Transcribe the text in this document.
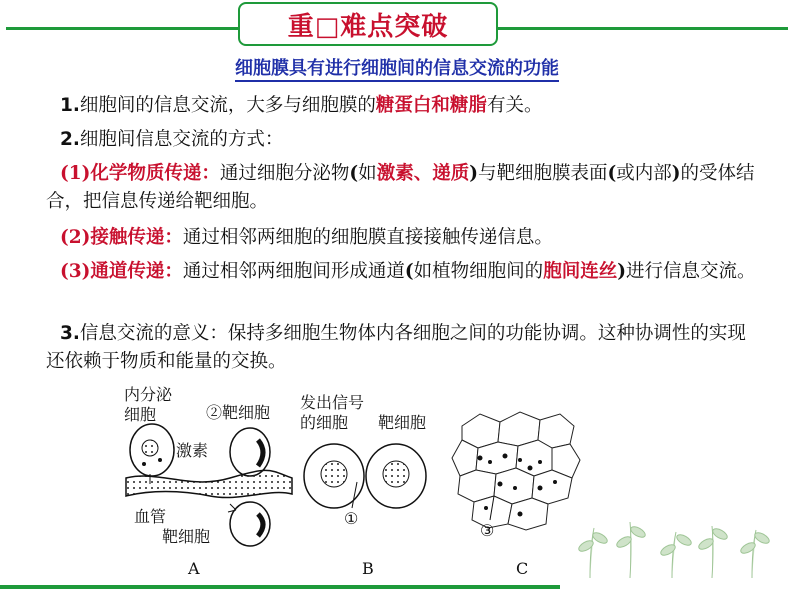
重□难点突破
细胞膜具有进行细胞间的信息交流的功能
1.细胞间的信息交流，大多与细胞膜的糖蛋白和糖脂有关。
2.细胞间信息交流的方式：
(1)化学物质传递：通过细胞分泌物(如激素、递质)与靶细胞膜表面(或内部)的受体结合，把信息传递给靶细胞。
(2)接触传递：通过相邻两细胞的细胞膜直接接触传递信息。
(3)通道传递：通过相邻两细胞间形成通道(如植物细胞间的胞间连丝)进行信息交流。
3.信息交流的意义：保持多细胞生物体内各细胞之间的功能协调。这种协调性的实现还依赖于物质和能量的交换。
内分泌
细胞	②靶细胞
激素
血管
靶细胞
A
发出信号
的细胞 靶细胞
①
B
③
C
